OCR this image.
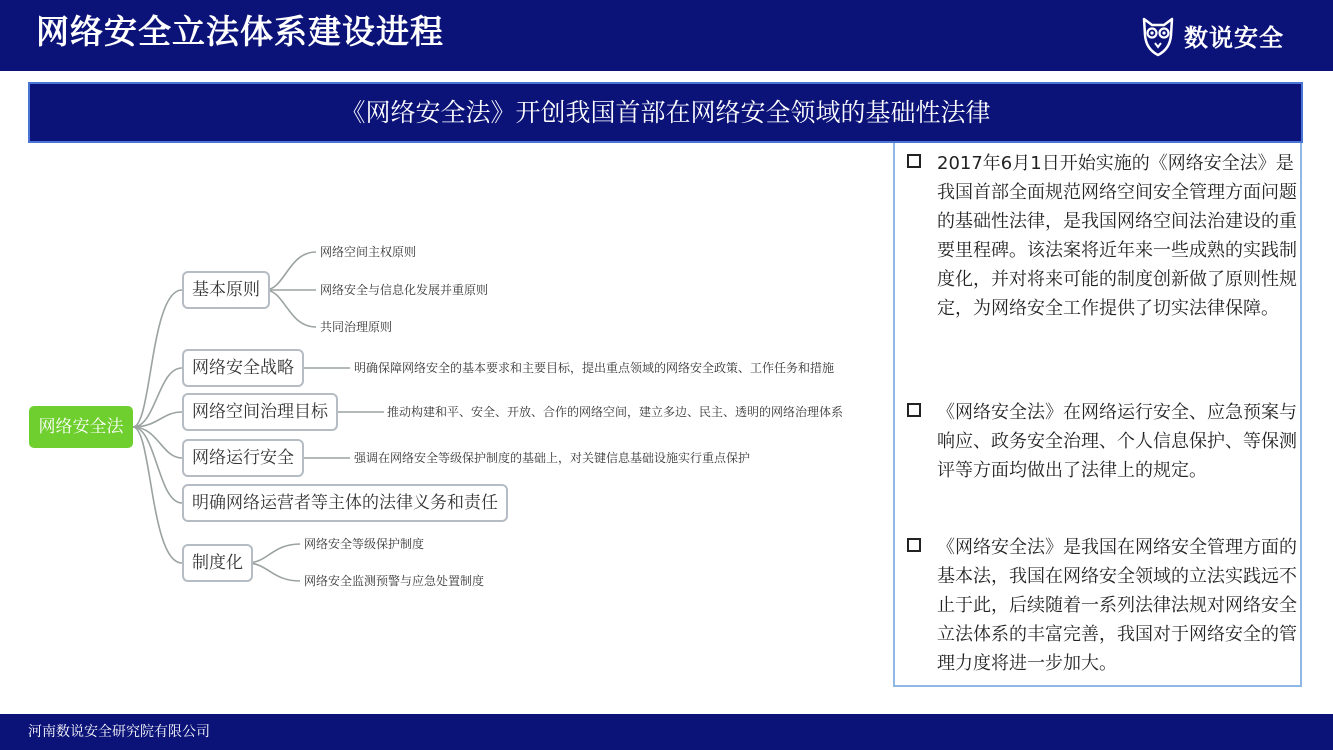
网络安全立法体系建设进程	数说安全
《网络安全法》开创我国首部在网络安全领域的基础性法律
网络安全法
基本原则
网络安全战略
网络空间治理目标
网络运行安全
明确网络运营者等主体的法律义务和责任
制度化
网络空间主权原则
网络安全与信息化发展并重原则
共同治理原则
明确保障网络安全的基本要求和主要目标，提出重点领域的网络安全政策、工作任务和措施
推动构建和平、安全、开放、合作的网络空间，建立多边、民主、透明的网络治理体系
强调在网络安全等级保护制度的基础上，对关键信息基础设施实行重点保护
网络安全等级保护制度
网络安全监测预警与应急处置制度
2017年6月1日开始实施的《网络安全法》是我国首部全面规范网络空间安全管理方面问题的基础性法律，是我国网络空间法治建设的重要里程碑。该法案将近年来一些成熟的实践制度化，并对将来可能的制度创新做了原则性规定，为网络安全工作提供了切实法律保障。
《网络安全法》在网络运行安全、应急预案与响应、政务安全治理、个人信息保护、等保测评等方面均做出了法律上的规定。
《网络安全法》是我国在网络安全管理方面的基本法，我国在网络安全领域的立法实践远不止于此，后续随着一系列法律法规对网络安全立法体系的丰富完善，我国对于网络安全的管理力度将进一步加大。
河南数说安全研究院有限公司
